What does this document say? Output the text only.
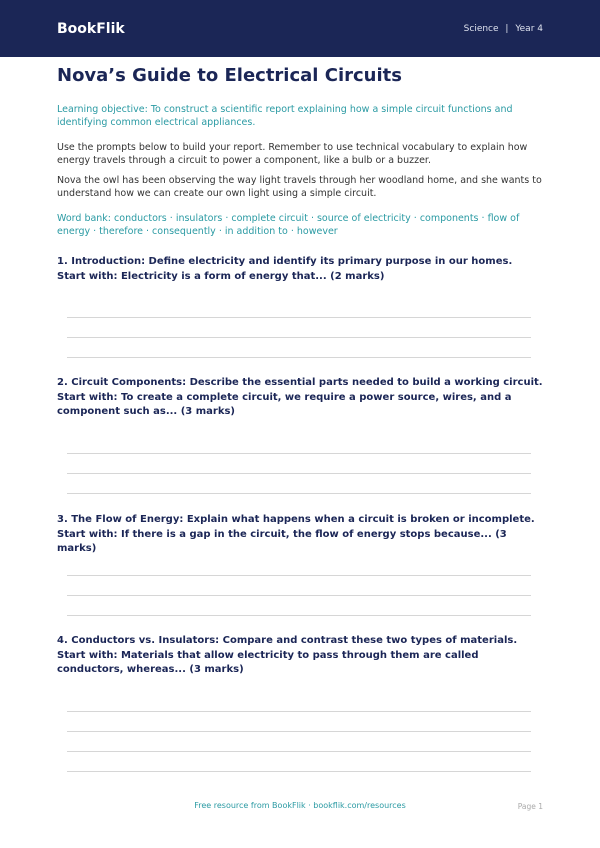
BookFlik	Science | Year 4
Nova’s Guide to Electrical Circuits

Learning objective: To construct a scientific report explaining how a simple circuit functions and identifying common electrical appliances.

Use the prompts below to build your report. Remember to use technical vocabulary to explain how energy travels through a circuit to power a component, like a bulb or a buzzer.

Nova the owl has been observing the way light travels through her woodland home, and she wants to understand how we can create our own light using a simple circuit.

Word bank: conductors · insulators · complete circuit · source of electricity · components · flow of energy · therefore · consequently · in addition to · however

1. Introduction: Define electricity and identify its primary purpose in our homes. Start with: Electricity is a form of energy that... (2 marks)
2. Circuit Components: Describe the essential parts needed to build a working circuit. Start with: To create a complete circuit, we require a power source, wires, and a component such as... (3 marks)
3. The Flow of Energy: Explain what happens when a circuit is broken or incomplete. Start with: If there is a gap in the circuit, the flow of energy stops because... (3 marks)
4. Conductors vs. Insulators: Compare and contrast these two types of materials. Start with: Materials that allow electricity to pass through them are called conductors, whereas... (3 marks)
Free resource from BookFlik · bookflik.com/resources	Page 1
